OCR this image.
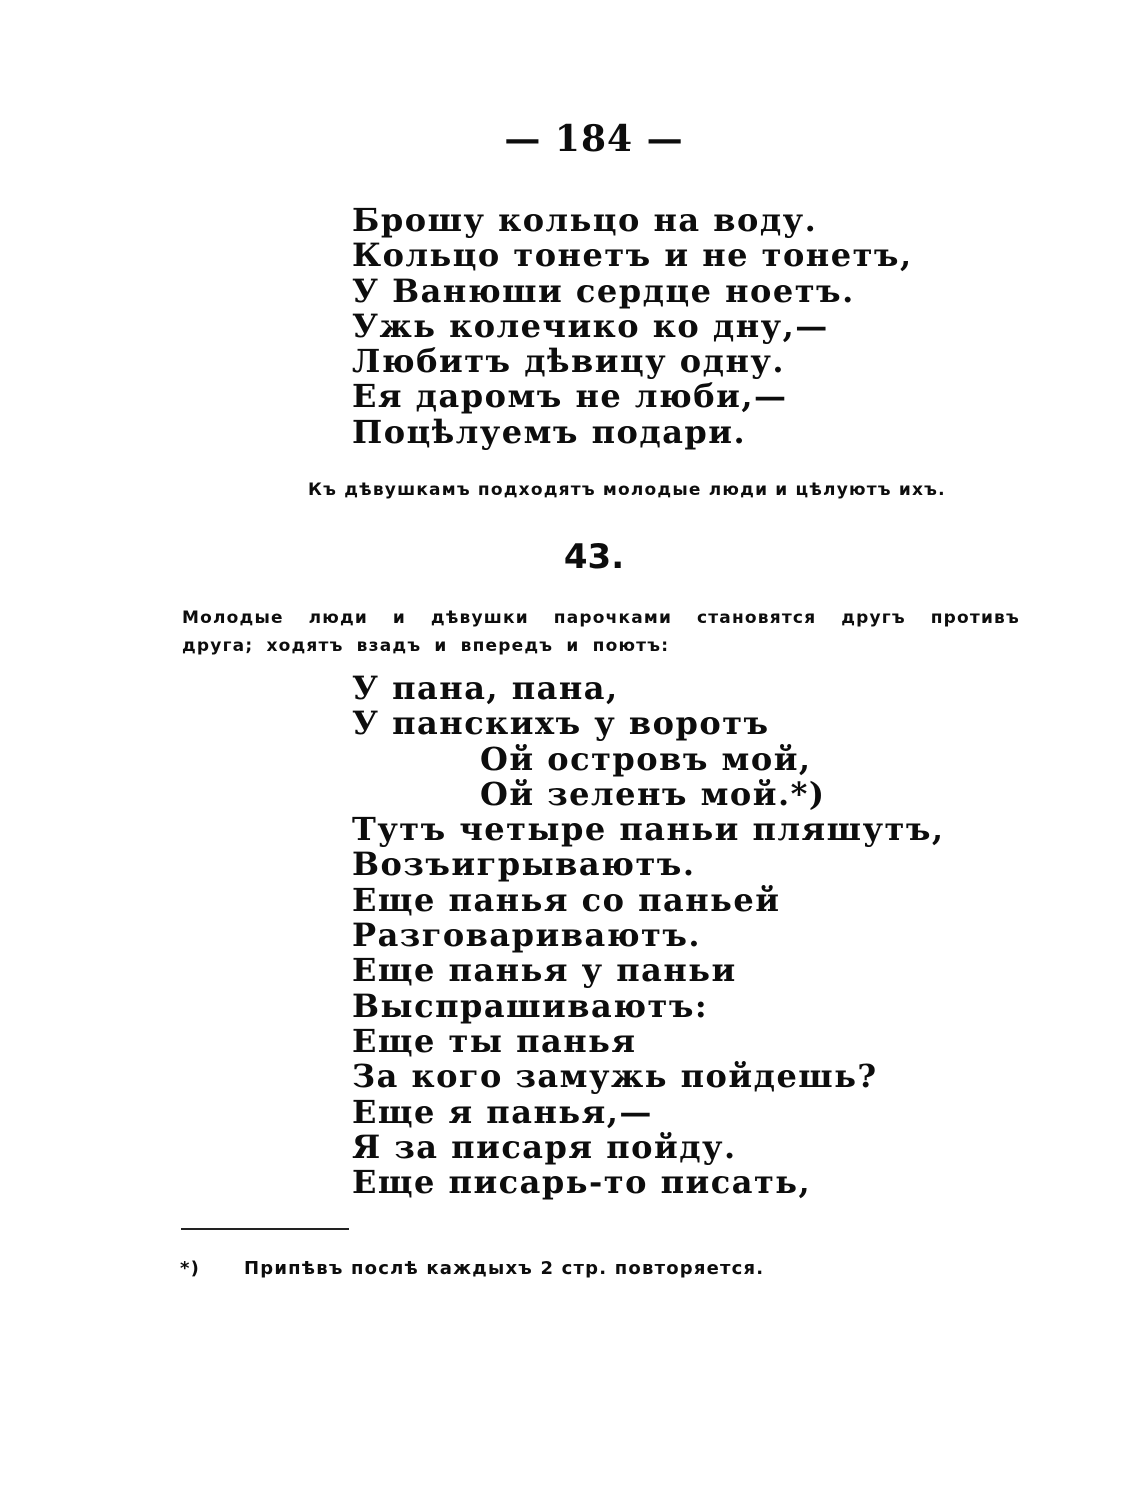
— 184 —
Брошу кольцо на воду.
Кольцо тонетъ и не тонетъ,
У Ванюши сердце ноетъ.
Ужь колечико ко дну,—
Любитъ дѣвицу одну.
Ея даромъ не люби,—
Поцѣлуемъ подари.
Къ дѣвушкамъ подходятъ молодые люди и цѣлуютъ ихъ.
43.
Молодые люди и дѣвушки парочками становятся другъ противъ друга; ходятъ взадъ и впередъ и поютъ:
У пана, пана,
У панскихъ у воротъ
Ой островъ мой,
Ой зеленъ мой.*)
Тутъ четыре паньи пляшутъ,
Возъигрываютъ.
Еще панья со паньей
Разговариваютъ.
Еще панья у паньи
Выспрашиваютъ:
Еще ты панья
За кого замужь пойдешь?
Еще я панья,—
Я за писаря пойду.
Еще писарь-то писать,
*) Припѣвъ послѣ каждыхъ 2 стр. повторяется.
